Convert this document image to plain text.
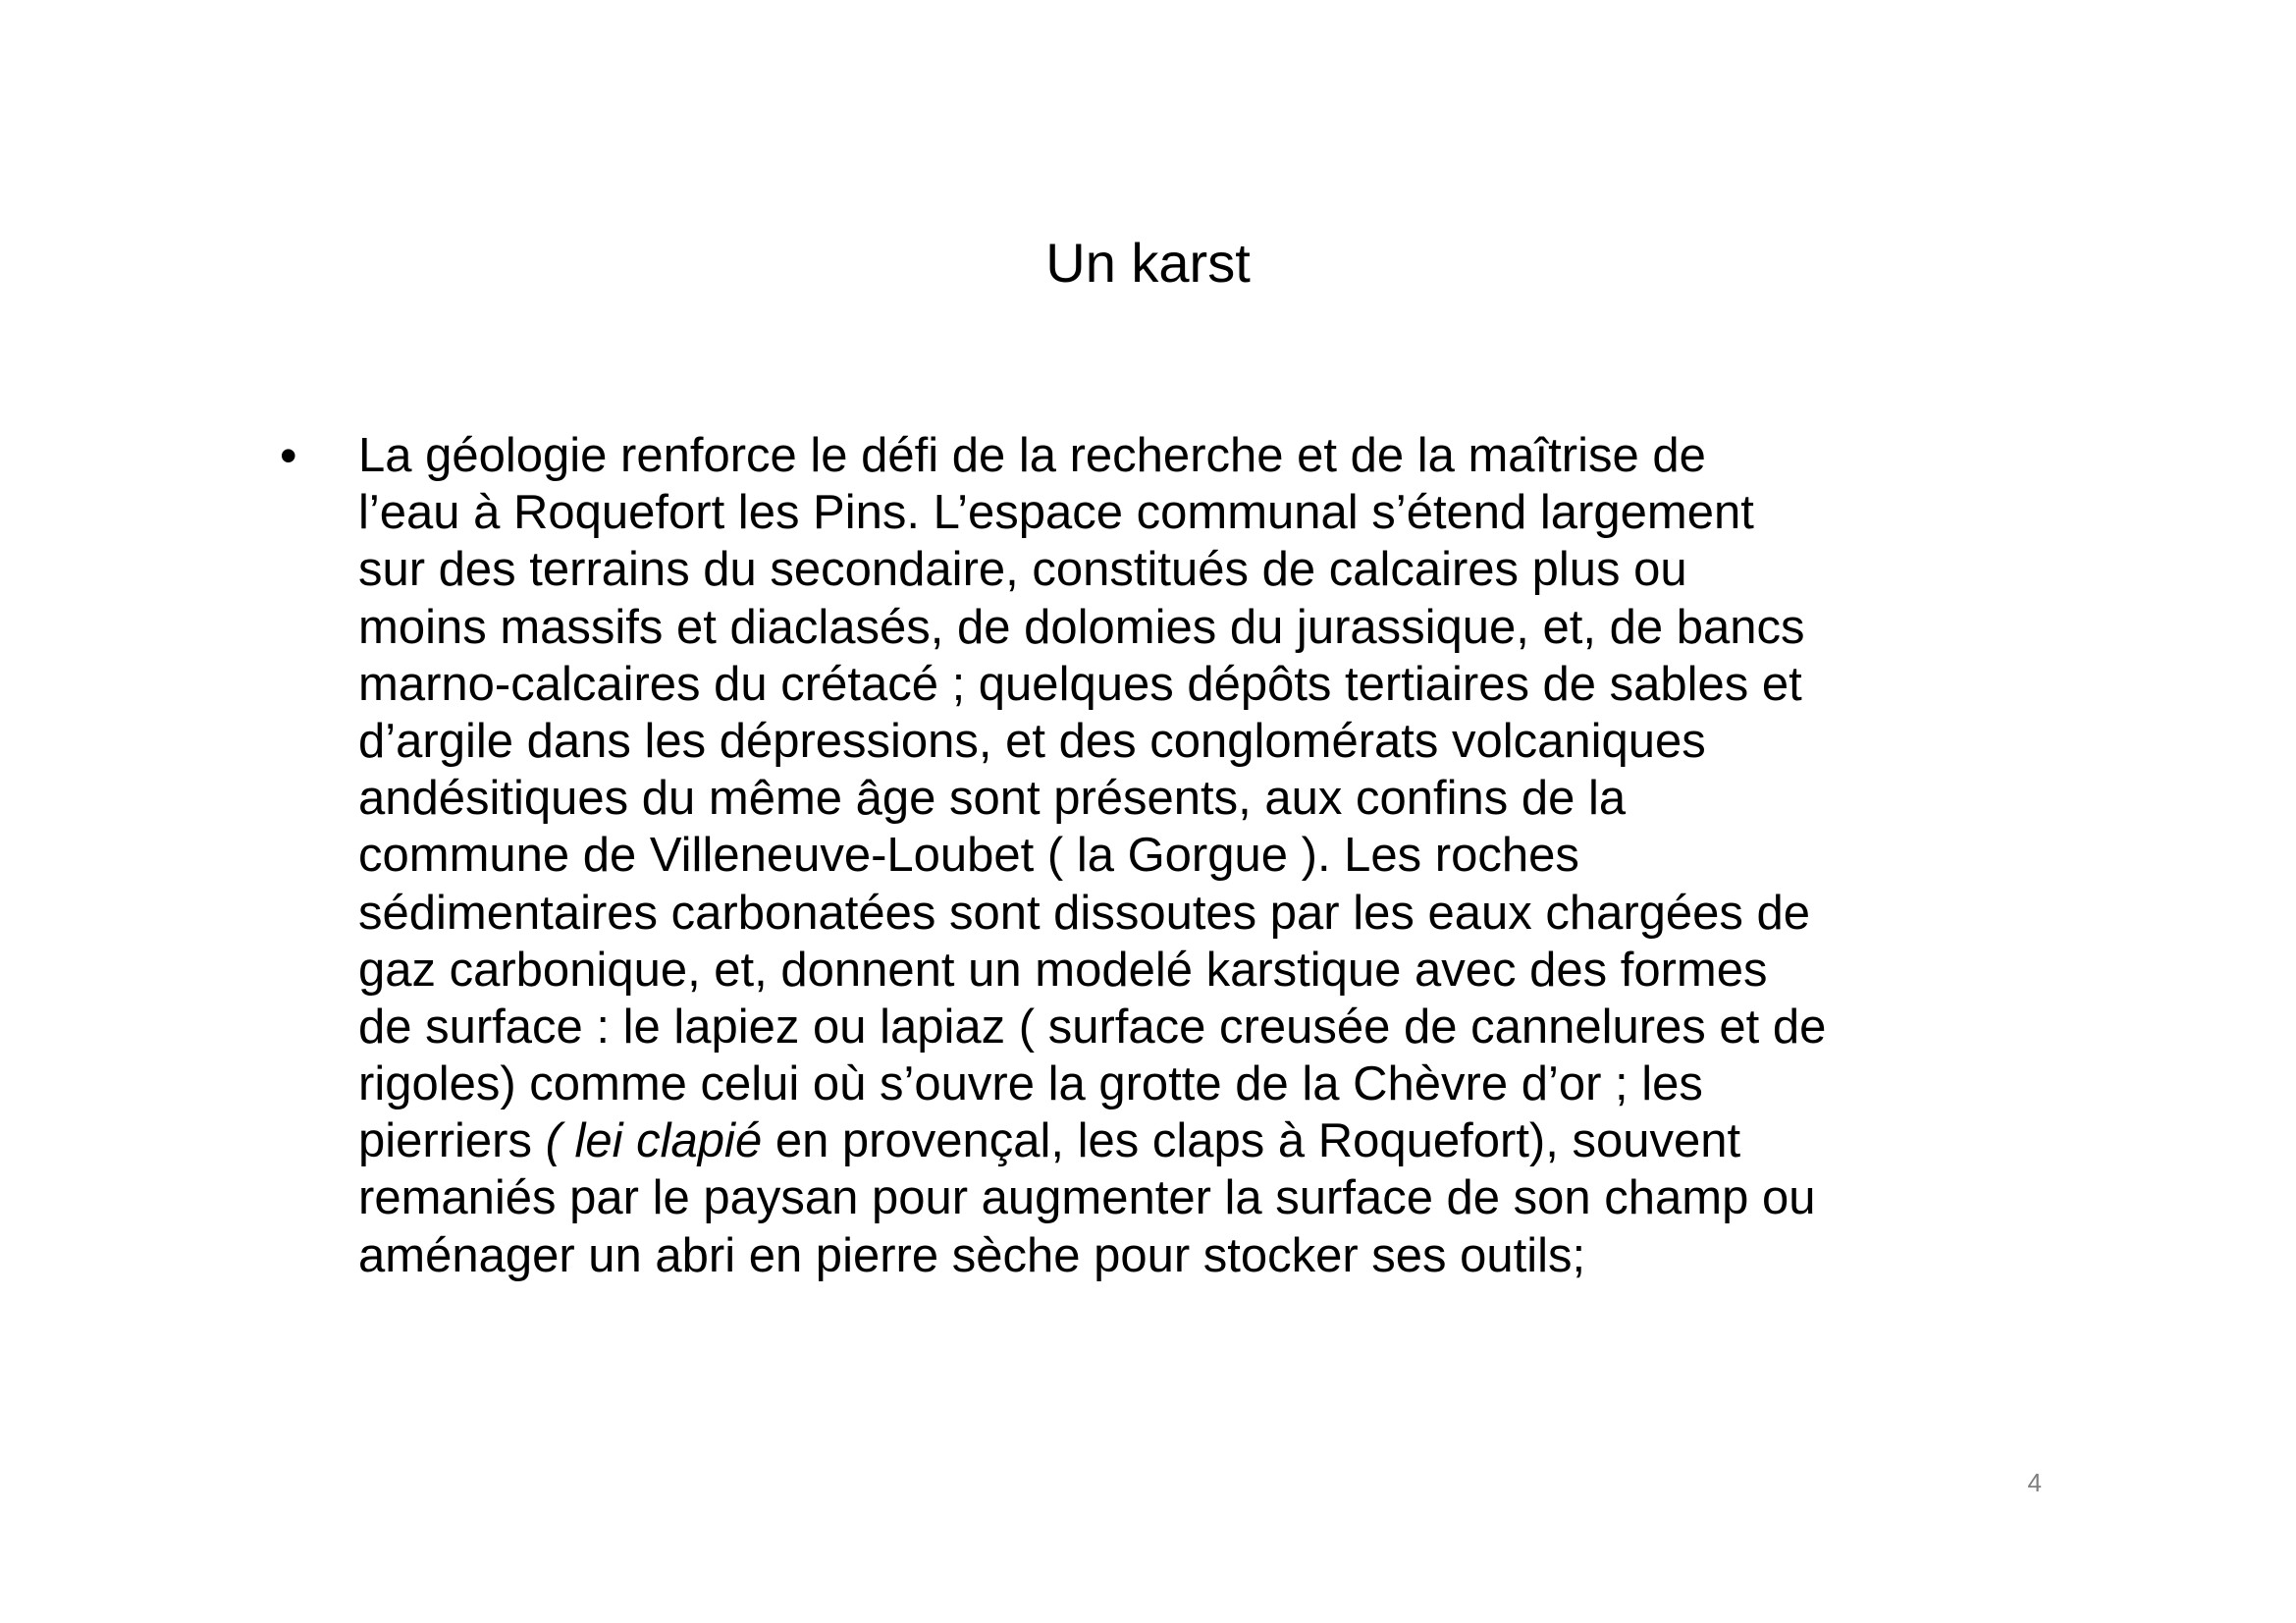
Un karst
• La géologie renforce le défi de la recherche et de la maîtrise de
l’eau à Roquefort les Pins. L’espace communal s’étend largement
sur des terrains du secondaire, constitués de calcaires plus ou
moins massifs et diaclasés, de dolomies du jurassique, et, de bancs
marno-calcaires du crétacé ; quelques dépôts tertiaires de sables et
d’argile dans les dépressions, et des conglomérats volcaniques
andésitiques du même âge sont présents, aux confins de la
commune de Villeneuve-Loubet ( la Gorgue ). Les roches
sédimentaires carbonatées sont dissoutes par les eaux chargées de
gaz carbonique, et, donnent un modelé karstique avec des formes
de surface : le lapiez ou lapiaz ( surface creusée de cannelures et de
rigoles) comme celui où s’ouvre la grotte de la Chèvre d’or ; les
pierriers ( lei clapié en provençal, les claps à Roquefort), souvent
remaniés par le paysan pour augmenter la surface de son champ ou
aménager un abri en pierre sèche pour stocker ses outils;
4
